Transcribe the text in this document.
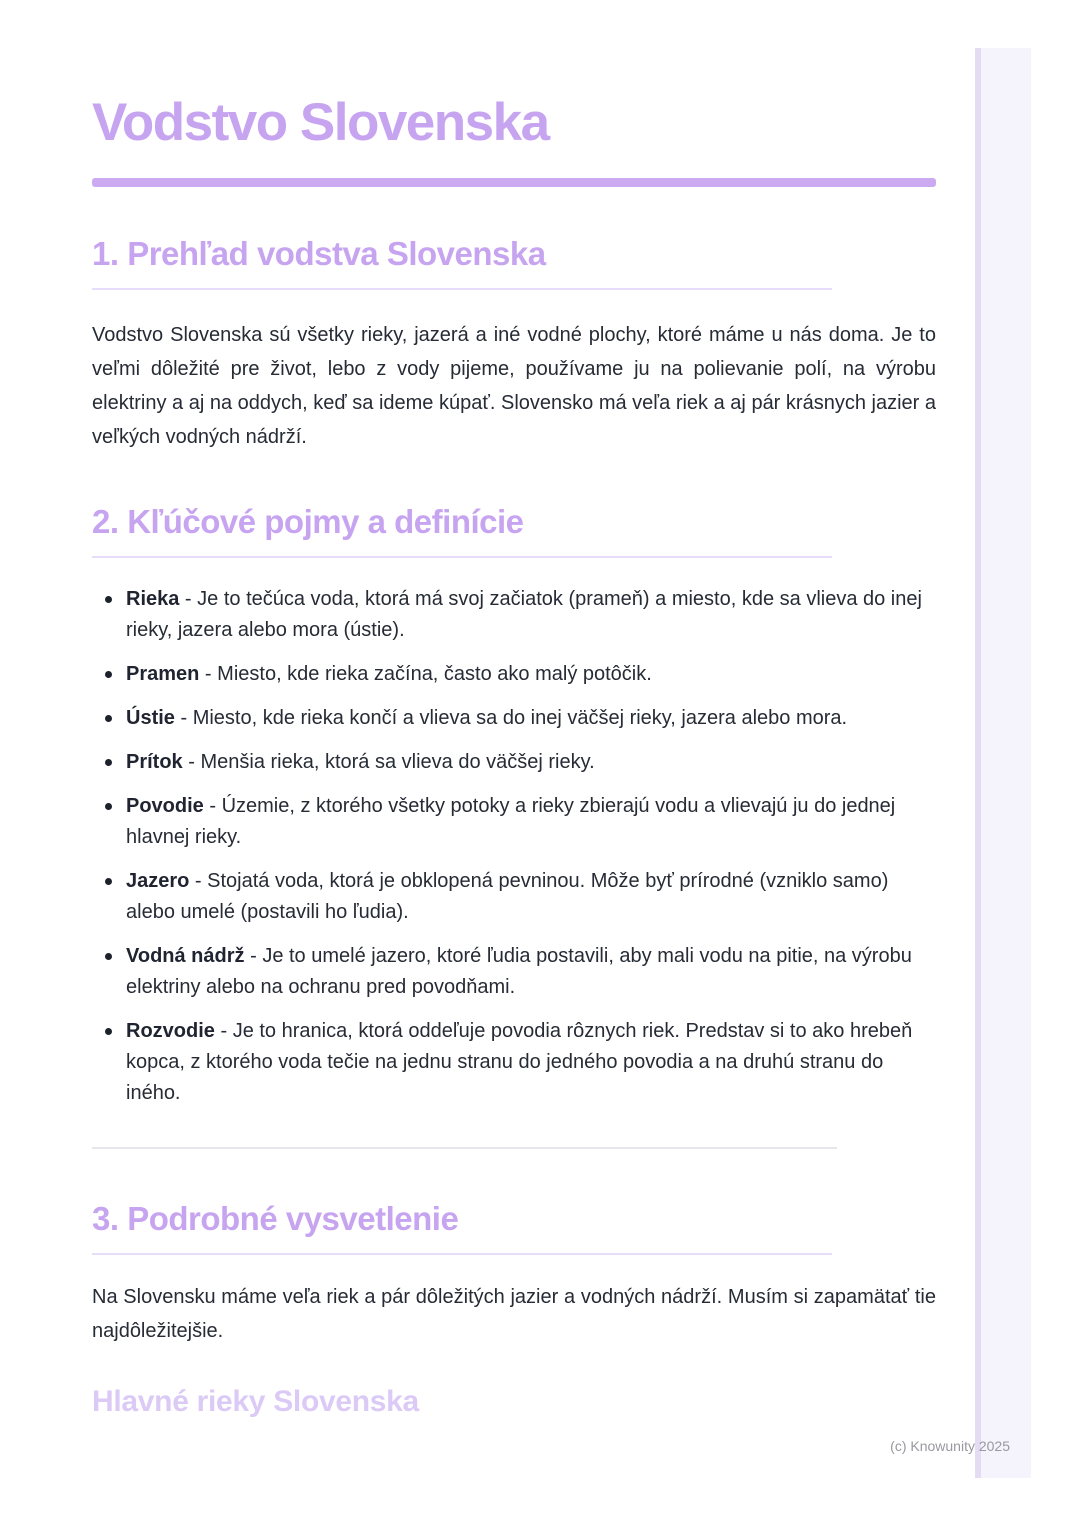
Vodstvo Slovenska
1. Prehľad vodstva Slovenska

Vodstvo Slovenska sú všetky rieky, jazerá a iné vodné plochy, ktoré máme u nás doma. Je to veľmi dôležité pre život, lebo z vody pijeme, používame ju na polievanie polí, na výrobu elektriny a aj na oddych, keď sa ideme kúpať. Slovensko má veľa riek a aj pár krásnych jazier a veľkých vodných nádrží.

2. Kľúčové pojmy a definície
Rieka - Je to tečúca voda, ktorá má svoj začiatok (prameň) a miesto, kde sa vlieva do inej rieky, jazera alebo mora (ústie).
Pramen - Miesto, kde rieka začína, často ako malý potôčik.
Ústie - Miesto, kde rieka končí a vlieva sa do inej väčšej rieky, jazera alebo mora.
Prítok - Menšia rieka, ktorá sa vlieva do väčšej rieky.
Povodie - Územie, z ktorého všetky potoky a rieky zbierajú vodu a vlievajú ju do jednej hlavnej rieky.
Jazero - Stojatá voda, ktorá je obklopená pevninou. Môže byť prírodné (vzniklo samo) alebo umelé (postavili ho ľudia).
Vodná nádrž - Je to umelé jazero, ktoré ľudia postavili, aby mali vodu na pitie, na výrobu elektriny alebo na ochranu pred povodňami.
Rozvodie - Je to hranica, ktorá oddeľuje povodia rôznych riek. Predstav si to ako hrebeň kopca, z ktorého voda tečie na jednu stranu do jedného povodia a na druhú stranu do iného.
3. Podrobné vysvetlenie

Na Slovensku máme veľa riek a pár dôležitých jazier a vodných nádrží. Musím si zapamätať tie najdôležitejšie.

Hlavné rieky Slovenska
(c) Knowunity 2025
